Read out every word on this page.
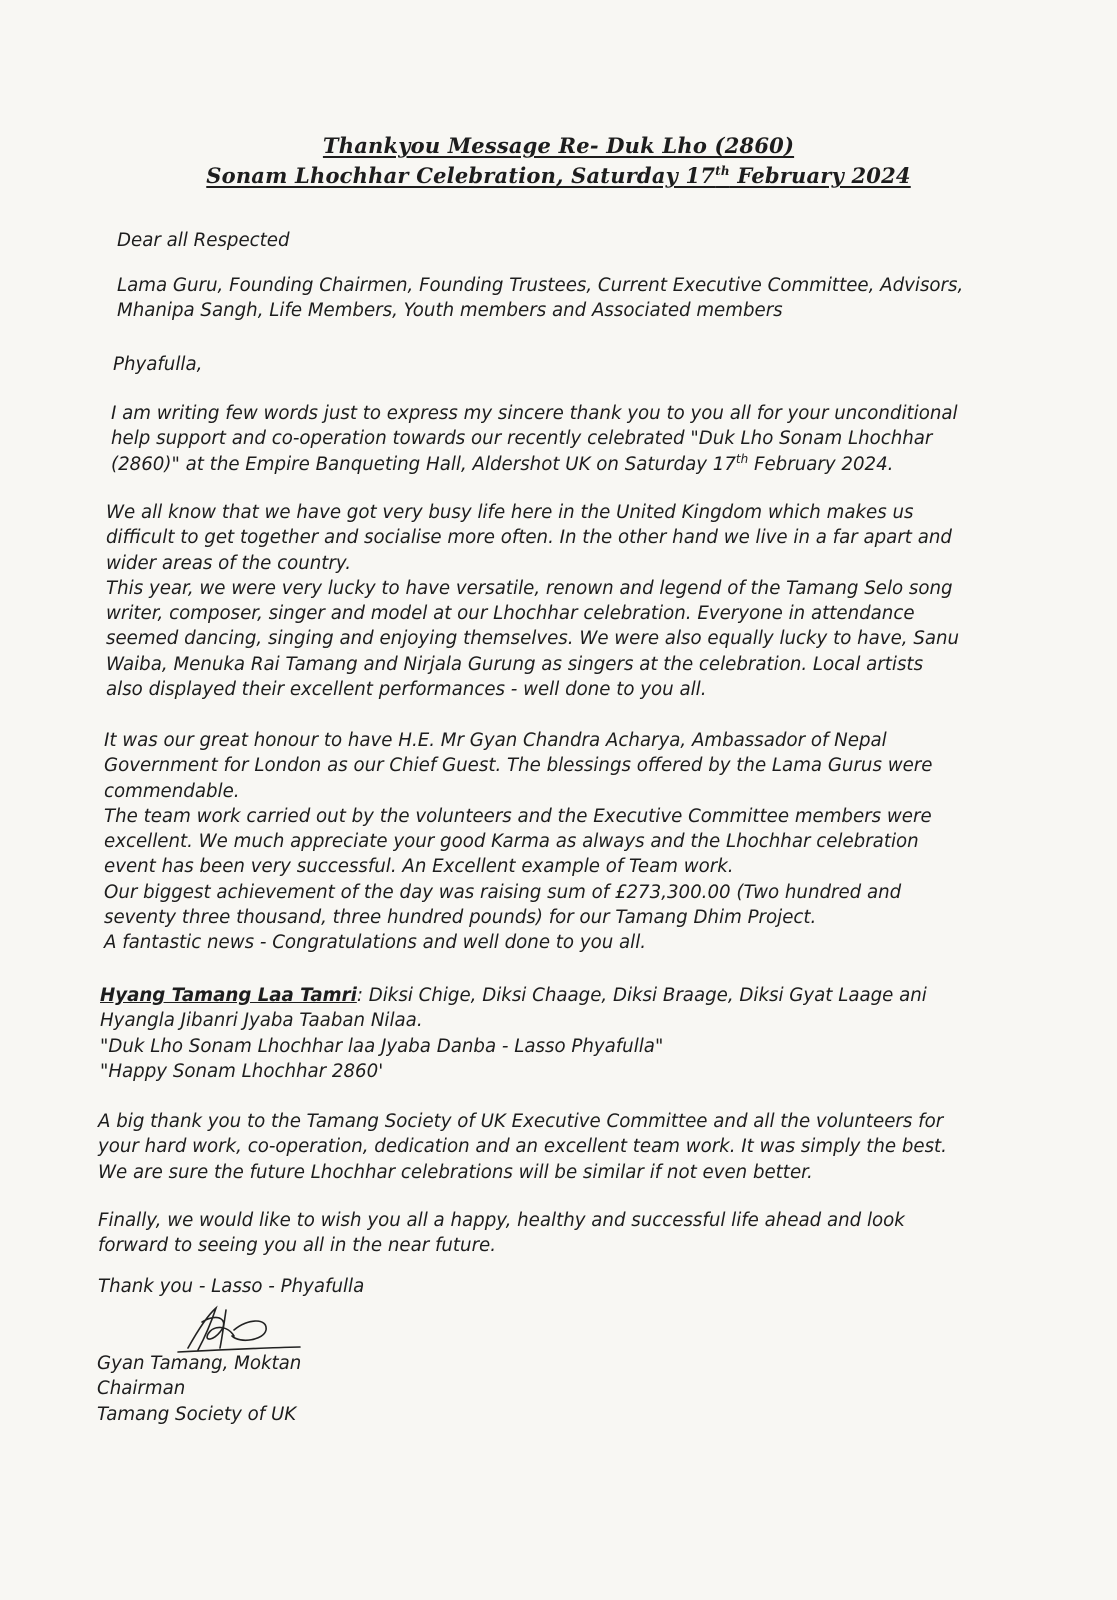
Thankyou Message Re- Duk Lho (2860)
Sonam Lhochhar Celebration, Saturday 17th February 2024

Dear all Respected

Lama Guru, Founding Chairmen, Founding Trustees, Current Executive Committee, Advisors,
Mhanipa Sangh, Life Members, Youth members and Associated members

Phyafulla,

I am writing few words just to express my sincere thank you to you all for your unconditional
help support and co-operation towards our recently celebrated "Duk Lho Sonam Lhochhar
(2860)" at the Empire Banqueting Hall, Aldershot UK on Saturday 17th February 2024.

We all know that we have got very busy life here in the United Kingdom which makes us
difficult to get together and socialise more often. In the other hand we live in a far apart and
wider areas of the country.
This year, we were very lucky to have versatile, renown and legend of the Tamang Selo song
writer, composer, singer and model at our Lhochhar celebration. Everyone in attendance
seemed dancing, singing and enjoying themselves. We were also equally lucky to have, Sanu
Waiba, Menuka Rai Tamang and Nirjala Gurung as singers at the celebration. Local artists
also displayed their excellent performances - well done to you all.

It was our great honour to have H.E. Mr Gyan Chandra Acharya, Ambassador of Nepal
Government for London as our Chief Guest. The blessings offered by the Lama Gurus were
commendable.
The team work carried out by the volunteers and the Executive Committee members were
excellent. We much appreciate your good Karma as always and the Lhochhar celebration
event has been very successful. An Excellent example of Team work.
Our biggest achievement of the day was raising sum of £273,300.00 (Two hundred and
seventy three thousand, three hundred pounds) for our Tamang Dhim Project.
A fantastic news - Congratulations and well done to you all.

Hyang Tamang Laa Tamri: Diksi Chige, Diksi Chaage, Diksi Braage, Diksi Gyat Laage ani
Hyangla Jibanri Jyaba Taaban Nilaa.
"Duk Lho Sonam Lhochhar laa Jyaba Danba - Lasso Phyafulla"
"Happy Sonam Lhochhar 2860'

A big thank you to the Tamang Society of UK Executive Committee and all the volunteers for
your hard work, co-operation, dedication and an excellent team work. It was simply the best.
We are sure the future Lhochhar celebrations will be similar if not even better.

Finally, we would like to wish you all a happy, healthy and successful life ahead and look
forward to seeing you all in the near future.

Thank you - Lasso - Phyafulla

Gyan Tamang, Moktan
Chairman
Tamang Society of UK
